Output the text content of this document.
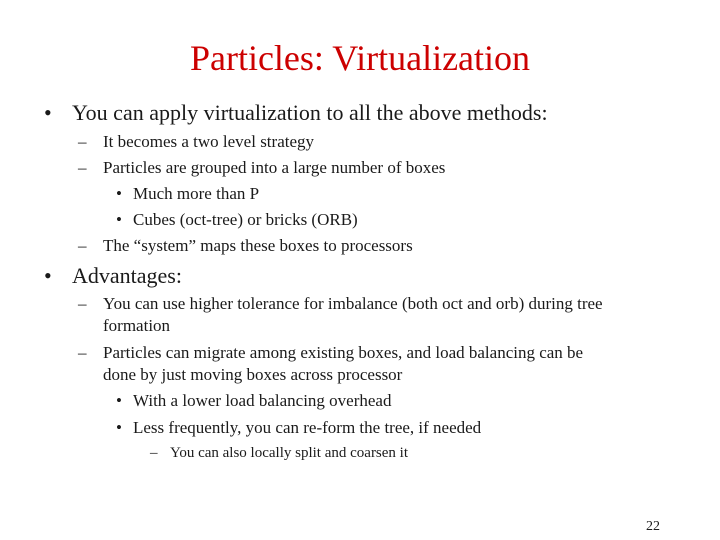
Particles: Virtualization
• You can apply virtualization to all the above methods:
– It becomes a two level strategy
– Particles are grouped into a large number of boxes
• Much more than P
• Cubes (oct-tree) or bricks (ORB)
– The “system” maps these boxes to processors
• Advantages:
– You can use higher tolerance for imbalance (both oct and orb) during tree
formation
– Particles can migrate among existing boxes, and load balancing can be
done by just moving boxes across processor
• With a lower load balancing overhead
• Less frequently, you can re-form the tree, if needed
– You can also locally split and coarsen it
22
